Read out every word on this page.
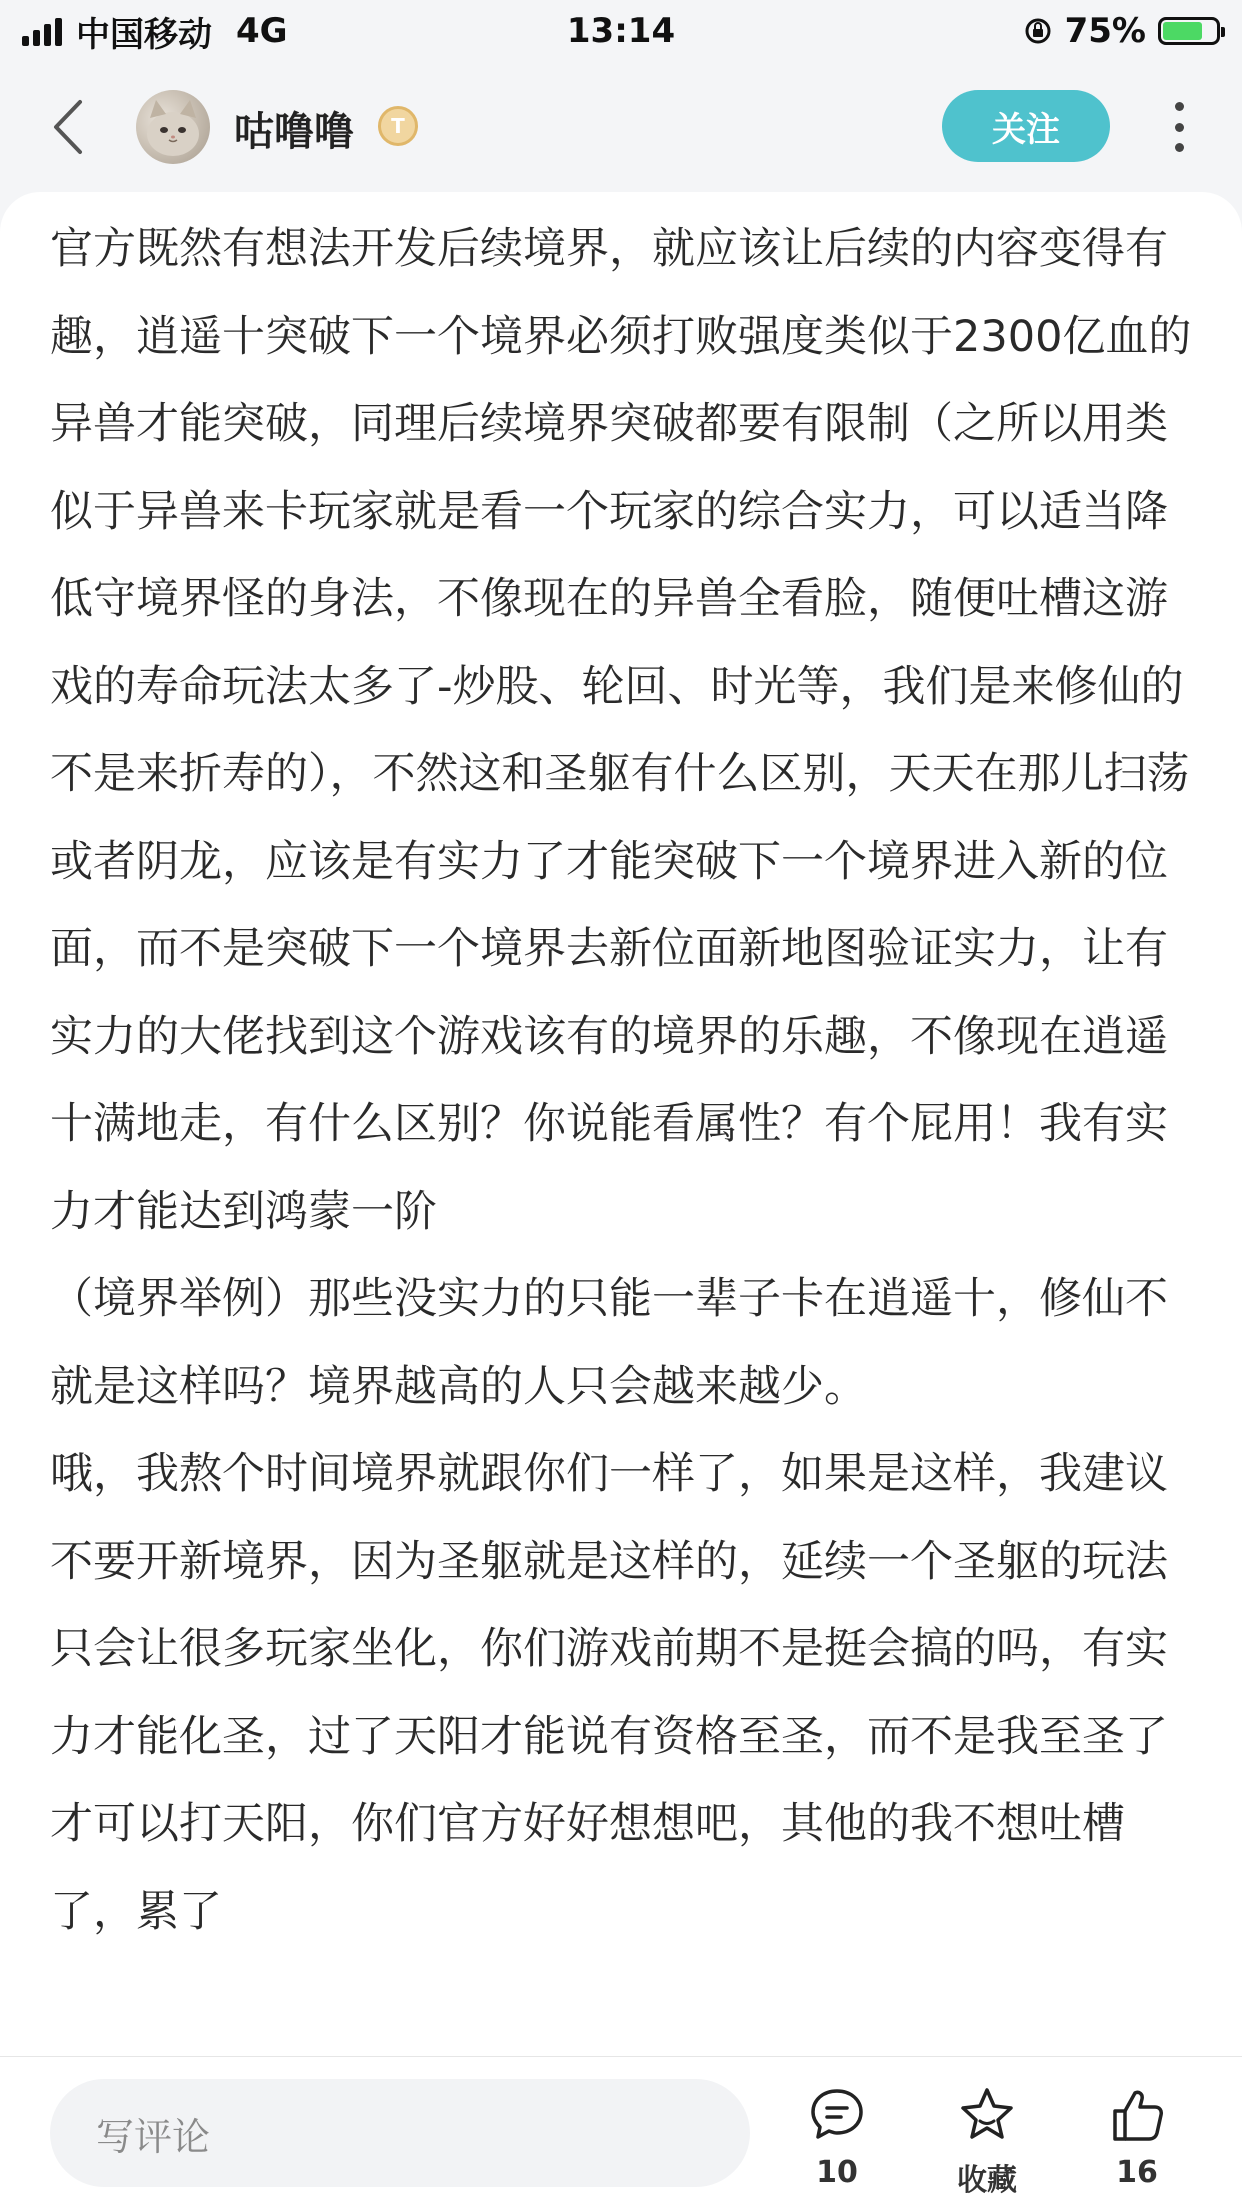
中国移动 4G	13:14	75%
咕噜噜	T	关注

官方既然有想法开发后续境界，就应该让后续的内容变得有趣，逍遥十突破下一个境界必须打败强度类似于2300亿血的异兽才能突破，同理后续境界突破都要有限制（之所以用类似于异兽来卡玩家就是看一个玩家的综合实力，可以适当降低守境界怪的身法，不像现在的异兽全看脸，随便吐槽这游戏的寿命玩法太多了-炒股、轮回、时光等，我们是来修仙的不是来折寿的），不然这和圣躯有什么区别，天天在那儿扫荡或者阴龙，应该是有实力了才能突破下一个境界进入新的位面，而不是突破下一个境界去新位面新地图验证实力，让有实力的大佬找到这个游戏该有的境界的乐趣，不像现在逍遥十满地走，有什么区别？你说能看属性？有个屁用！我有实力才能达到鸿蒙一阶
（境界举例）那些没实力的只能一辈子卡在逍遥十，修仙不就是这样吗？境界越高的人只会越来越少。
哦，我熬个时间境界就跟你们一样了，如果是这样，我建议不要开新境界，因为圣躯就是这样的，延续一个圣躯的玩法只会让很多玩家坐化，你们游戏前期不是挺会搞的吗，有实力才能化圣，过了天阳才能说有资格至圣，而不是我至圣了才可以打天阳，你们官方好好想想吧，其他的我不想吐槽了，累了

写评论
10	收藏	16
